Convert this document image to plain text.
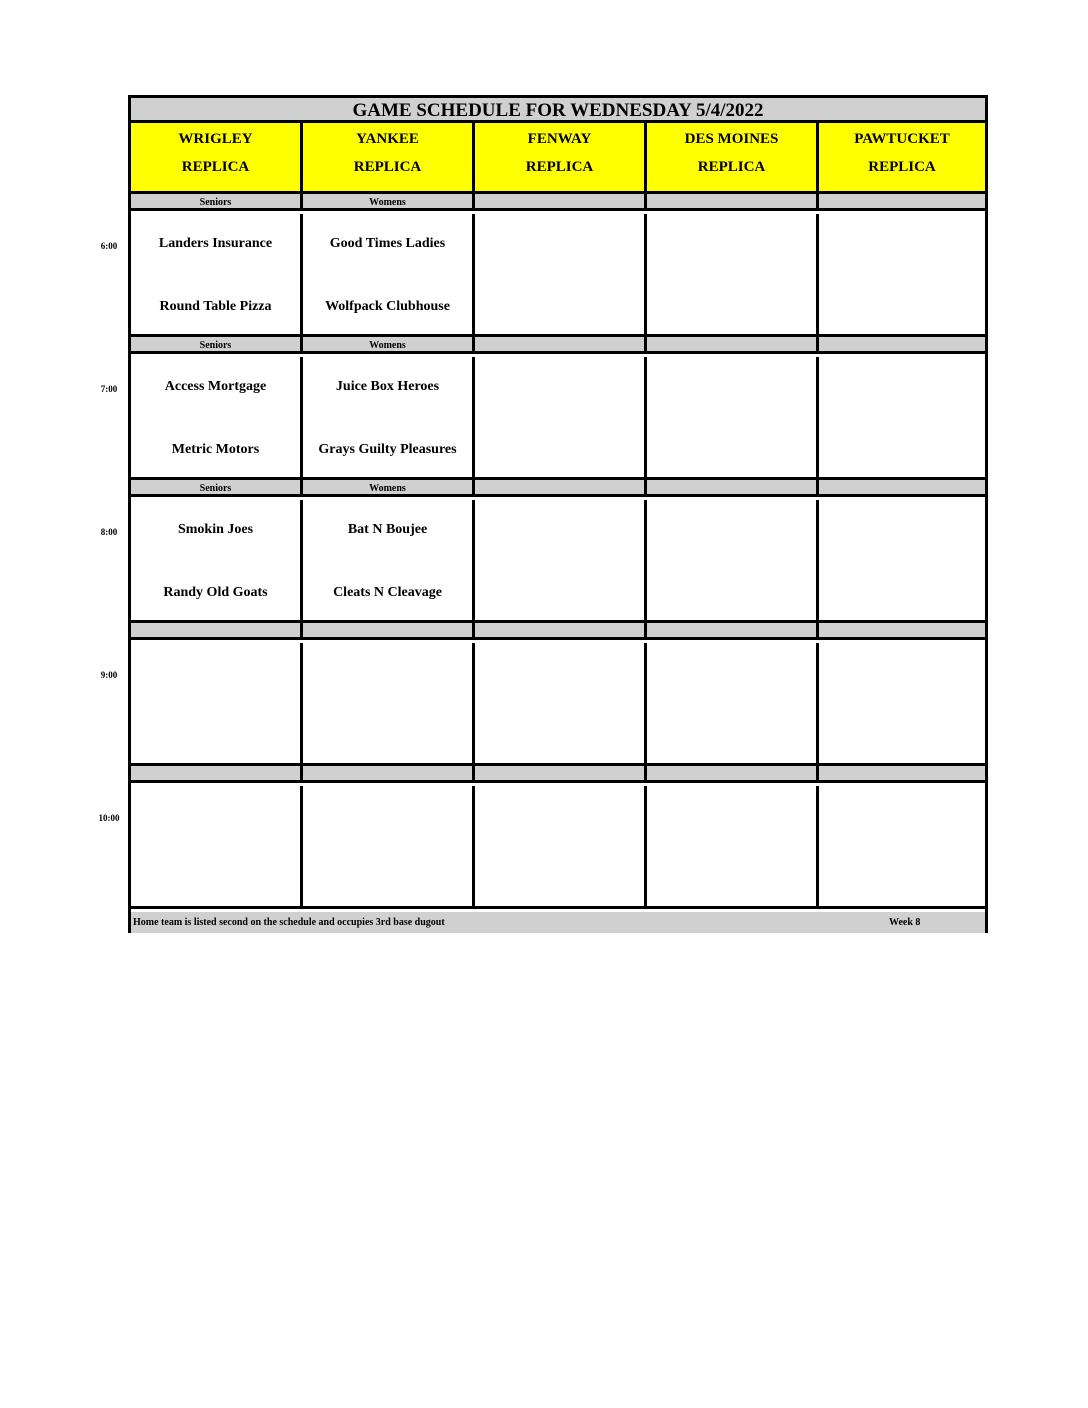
GAME SCHEDULE FOR WEDNESDAY 5/4/2022
Home team is listed second on the schedule and occupies 3rd base dugout	Week 8
WRIGLEY
REPLICA
YANKEE
REPLICA
FENWAY
REPLICA
DES MOINES
REPLICA
PAWTUCKET
REPLICA
Seniors
Landers Insurance
Round Table Pizza
Womens
Good Times Ladies
Wolfpack Clubhouse
Seniors
Access Mortgage
Metric Motors
Womens
Juice Box Heroes
Grays Guilty Pleasures
Seniors
Smokin Joes
Randy Old Goats
Womens
Bat N Boujee
Cleats N Cleavage
6:00
7:00
8:00
9:00
10:00
